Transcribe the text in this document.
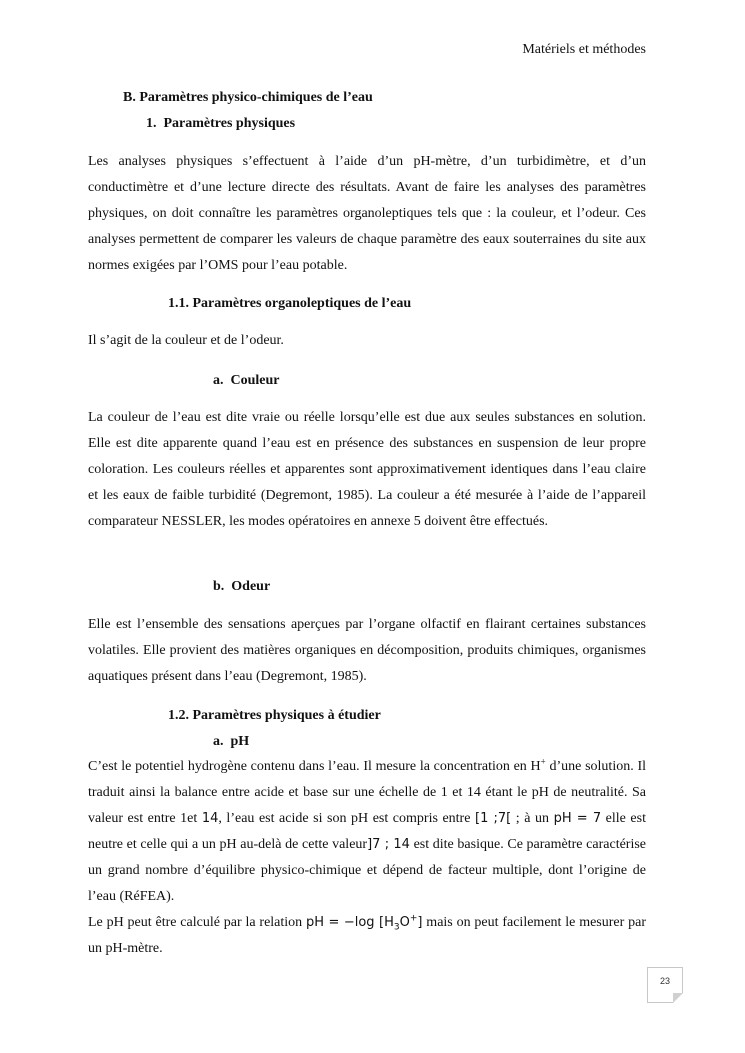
Matériels et méthodes
B. Paramètres physico-chimiques de l’eau
1.  Paramètres physiques

Les analyses physiques s’effectuent à l’aide d’un pH-mètre, d’un turbidimètre, et d’un conductimètre et d’une lecture directe des résultats. Avant de faire les analyses des paramètres physiques, on doit connaître les paramètres organoleptiques tels que : la couleur, et l’odeur. Ces analyses permettent de comparer les valeurs de chaque paramètre des eaux souterraines du site aux normes exigées par l’OMS pour l’eau potable.

1.1. Paramètres organoleptiques de l’eau

Il s’agit de la couleur et de l’odeur.

a.  Couleur

La couleur de l’eau est dite vraie ou réelle lorsqu’elle est due aux seules substances en solution. Elle est dite apparente quand l’eau est en présence des substances en suspension de leur propre coloration. Les couleurs réelles et apparentes sont approximativement identiques dans l’eau claire et les eaux de faible turbidité (Degremont, 1985). La couleur a été mesurée à l’aide de l’appareil comparateur NESSLER, les modes opératoires en annexe 5 doivent être effectués.

b.  Odeur

Elle est l’ensemble des sensations aperçues par l’organe olfactif en flairant certaines substances volatiles. Elle provient des matières organiques en décomposition, produits chimiques, organismes aquatiques présent dans l’eau (Degremont, 1985).

1.2. Paramètres physiques à étudier
a.  pH

C’est le potentiel hydrogène contenu dans l’eau. Il mesure la concentration en H+ d’une solution. Il traduit ainsi la balance entre acide et base sur une échelle de 1 et 14 étant le pH de neutralité. Sa valeur est entre 1et 14, l’eau est acide si son pH est compris entre [1 ;7[ ; à un pH = 7 elle est neutre et celle qui a un pH au-delà de cette valeur]7 ; 14 est dite basique. Ce paramètre caractérise un grand nombre d’équilibre physico-chimique et dépend de facteur multiple, dont l’origine de l’eau (RéFEA).

Le pH peut être calculé par la relation pH = −log $[H_3O^+]$ mais on peut facilement le mesurer par un pH-mètre.

23
